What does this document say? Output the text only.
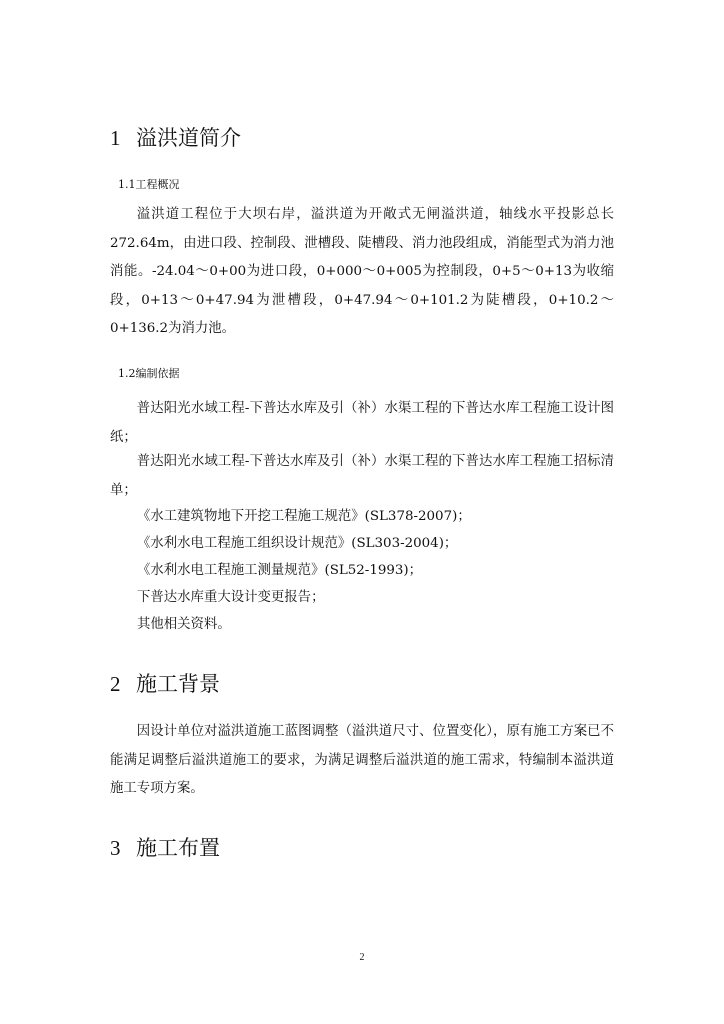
1 溢洪道简介
1.1工程概况

溢洪道工程位于大坝右岸，溢洪道为开敞式无闸溢洪道，轴线水平投影总长272.64m，由进口段、控制段、泄槽段、陡槽段、消力池段组成，消能型式为消力池消能。-24.04～0+00为进口段，0+000～0+005为控制段，0+5～0+13为收缩段，0+13～0+47.94为泄槽段，0+47.94～0+101.2为陡槽段，0+10.2～0+136.2为消力池。

1.2编制依据

普达阳光水域工程-下普达水库及引（补）水渠工程的下普达水库工程施工设计图纸；

普达阳光水域工程-下普达水库及引（补）水渠工程的下普达水库工程施工招标清单；

《水工建筑物地下开挖工程施工规范》(SL378-2007)；
《水利水电工程施工组织设计规范》(SL303-2004)；
《水利水电工程施工测量规范》(SL52-1993)；
下普达水库重大设计变更报告；
其他相关资料。
2 施工背景

因设计单位对溢洪道施工蓝图调整（溢洪道尺寸、位置变化），原有施工方案已不能满足调整后溢洪道施工的要求，为满足调整后溢洪道的施工需求，特编制本溢洪道施工专项方案。

3 施工布置
2
